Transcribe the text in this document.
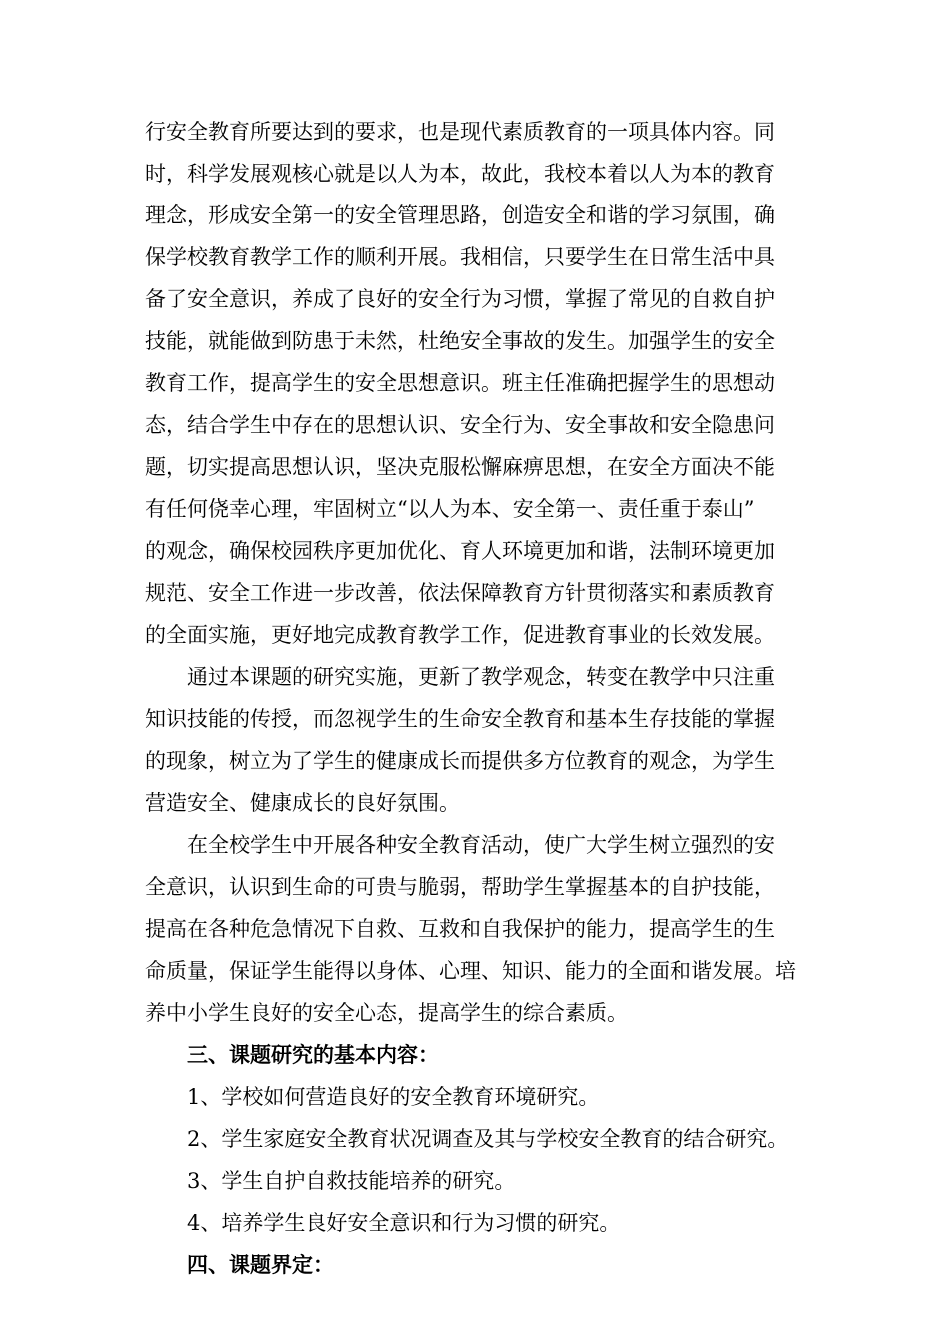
行安全教育所要达到的要求，也是现代素质教育的一项具体内容。同
时，科学发展观核心就是以人为本，故此，我校本着以人为本的教育
理念，形成安全第一的安全管理思路，创造安全和谐的学习氛围，确
保学校教育教学工作的顺利开展。我相信，只要学生在日常生活中具
备了安全意识，养成了良好的安全行为习惯，掌握了常见的自救自护
技能，就能做到防患于未然，杜绝安全事故的发生。加强学生的安全
教育工作，提高学生的安全思想意识。班主任准确把握学生的思想动
态，结合学生中存在的思想认识、安全行为、安全事故和安全隐患问
题，切实提高思想认识，坚决克服松懈麻痹思想，在安全方面决不能
有任何侥幸心理，牢固树立“以人为本、安全第一、责任重于泰山”
的观念，确保校园秩序更加优化、育人环境更加和谐，法制环境更加
规范、安全工作进一步改善，依法保障教育方针贯彻落实和素质教育
的全面实施，更好地完成教育教学工作，促进教育事业的长效发展。
通过本课题的研究实施，更新了教学观念，转变在教学中只注重
知识技能的传授，而忽视学生的生命安全教育和基本生存技能的掌握
的现象，树立为了学生的健康成长而提供多方位教育的观念，为学生
营造安全、健康成长的良好氛围。
在全校学生中开展各种安全教育活动，使广大学生树立强烈的安
全意识，认识到生命的可贵与脆弱，帮助学生掌握基本的自护技能，
提高在各种危急情况下自救、互救和自我保护的能力，提高学生的生
命质量，保证学生能得以身体、心理、知识、能力的全面和谐发展。培
养中小学生良好的安全心态，提高学生的综合素质。
三、课题研究的基本内容：
1、学校如何营造良好的安全教育环境研究。
2、学生家庭安全教育状况调查及其与学校安全教育的结合研究。
3、学生自护自救技能培养的研究。
4、培养学生良好安全意识和行为习惯的研究。
四、课题界定：
